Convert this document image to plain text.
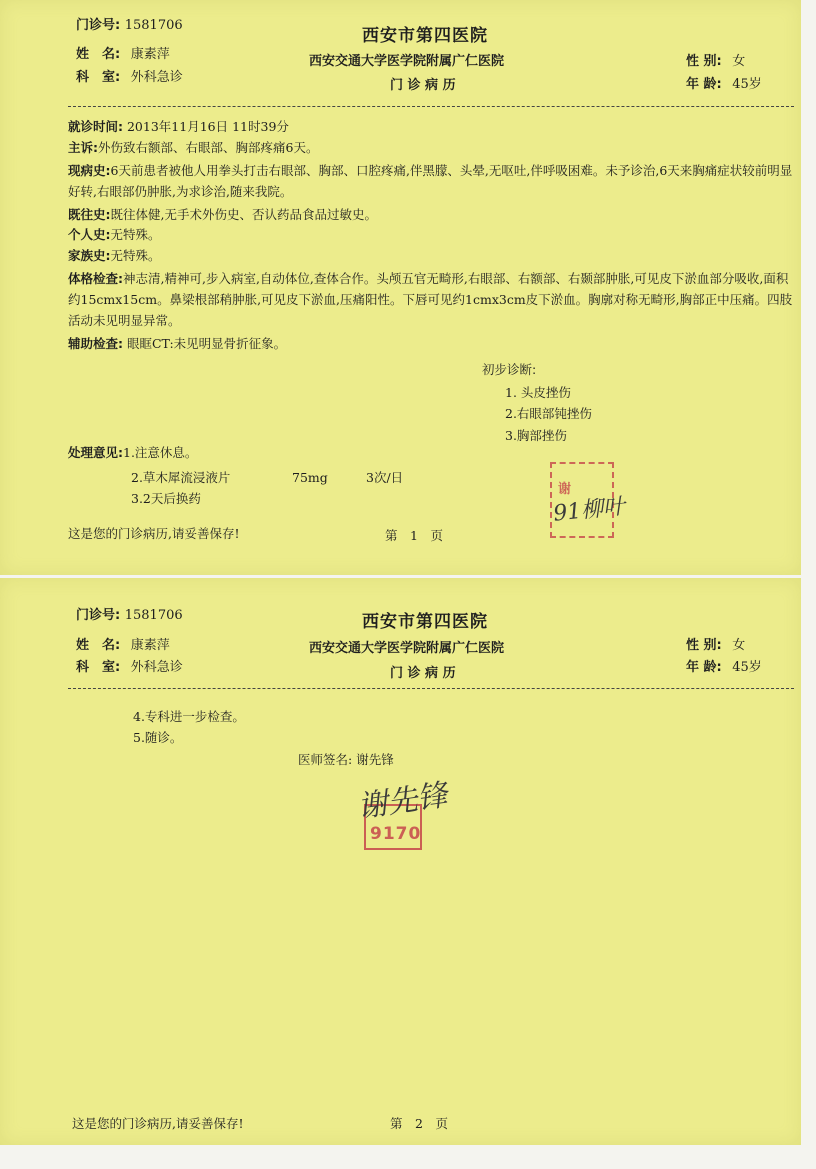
门诊号: 1581706
西安市第四医院
姓　名: 康素萍	西安交通大学医学院附属广仁医院	性 别: 女
科　室: 外科急诊
门 诊 病 历	年 龄: 45岁
就诊时间: 2013年11月16日 11时39分
主诉:外伤致右额部、右眼部、胸部疼痛6天。
现病史:6天前患者被他人用拳头打击右眼部、胸部、口腔疼痛,伴黑朦、头晕,无呕吐,伴呼吸困难。未予诊治,6天来胸痛症状较前明显好转,右眼部仍肿胀,为求诊治,随来我院。
既往史:既往体健,无手术外伤史、否认药品食品过敏史。
个人史:无特殊。
家族史:无特殊。
体格检查:神志清,精神可,步入病室,自动体位,查体合作。头颅五官无畸形,右眼部、右额部、右颞部肿胀,可见皮下淤血部分吸收,面积约15cmx15cm。鼻梁根部稍肿胀,可见皮下淤血,压痛阳性。下唇可见约1cmx3cm皮下淤血。胸廓对称无畸形,胸部正中压痛。四肢活动未见明显异常。
辅助检查: 眼眶CT:未见明显骨折征象。
初步诊断:
1. 头皮挫伤
2.右眼部钝挫伤
3.胸部挫伤
处理意见:1.注意休息。
2.草木犀流浸液片	75mg	3次/日
3.2天后换药
谢
91柳叶
这是您的门诊病历,请妥善保存!	第　1　页
门诊号: 1581706	西安市第四医院
姓　名: 康素萍	西安交通大学医学院附属广仁医院	性 别: 女
科　室: 外科急诊	门 诊 病 历	年 龄: 45岁
4.专科进一步检查。
5.随诊。
医师签名: 谢先锋
9170
谢先锋
这是您的门诊病历,请妥善保存!	第　2　页
